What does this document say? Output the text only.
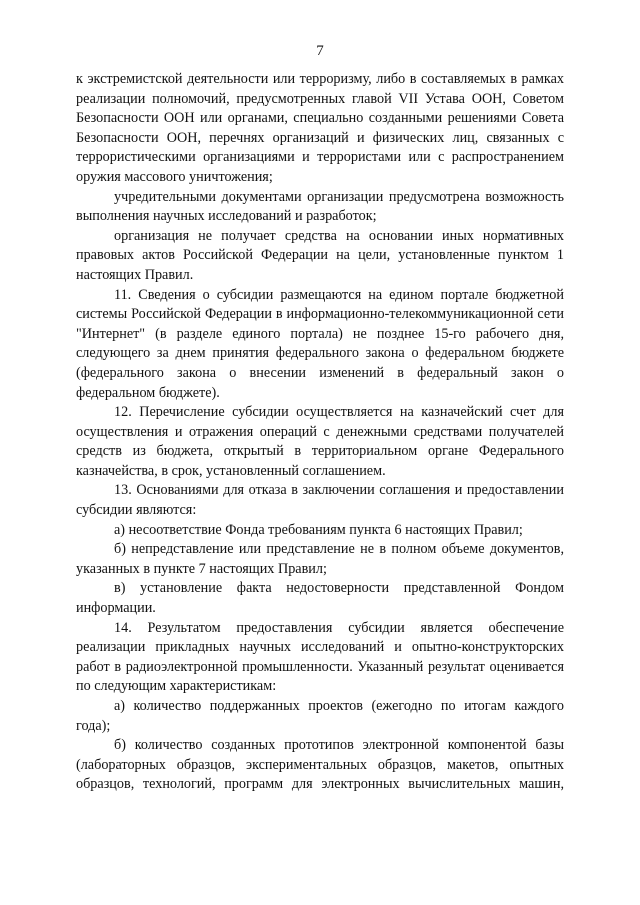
7

к экстремистской деятельности или терроризму, либо в составляемых в рамках реализации полномочий, предусмотренных главой VII Устава ООН, Советом Безопасности ООН или органами, специально созданными решениями Совета Безопасности ООН, перечнях организаций и физических лиц, связанных с террористическими организациями и террористами или с распространением оружия массового уничтожения;

учредительными документами организации предусмотрена возможность выполнения научных исследований и разработок;

организация не получает средства на основании иных нормативных правовых актов Российской Федерации на цели, установленные пунктом 1 настоящих Правил.

11. Сведения о субсидии размещаются на едином портале бюджетной системы Российской Федерации в информационно-телекоммуникационной сети "Интернет" (в разделе единого портала) не позднее 15-го рабочего дня, следующего за днем принятия федерального закона о федеральном бюджете (федерального закона о внесении изменений в федеральный закон о федеральном бюджете).

12. Перечисление субсидии осуществляется на казначейский счет для осуществления и отражения операций с денежными средствами получателей средств из бюджета, открытый в территориальном органе Федерального казначейства, в срок, установленный соглашением.

13. Основаниями для отказа в заключении соглашения и предоставлении субсидии являются:

а) несоответствие Фонда требованиям пункта 6 настоящих Правил;

б) непредставление или представление не в полном объеме документов, указанных в пункте 7 настоящих Правил;

в) установление факта недостоверности представленной Фондом информации.

14. Результатом предоставления субсидии является обеспечение реализации прикладных научных исследований и опытно-конструкторских работ в радиоэлектронной промышленности. Указанный результат оценивается по следующим характеристикам:

а) количество поддержанных проектов (ежегодно по итогам каждого года);

б) количество созданных прототипов электронной компонентой базы (лабораторных образцов, экспериментальных образцов, макетов, опытных образцов, технологий, программ для электронных вычислительных машин,
